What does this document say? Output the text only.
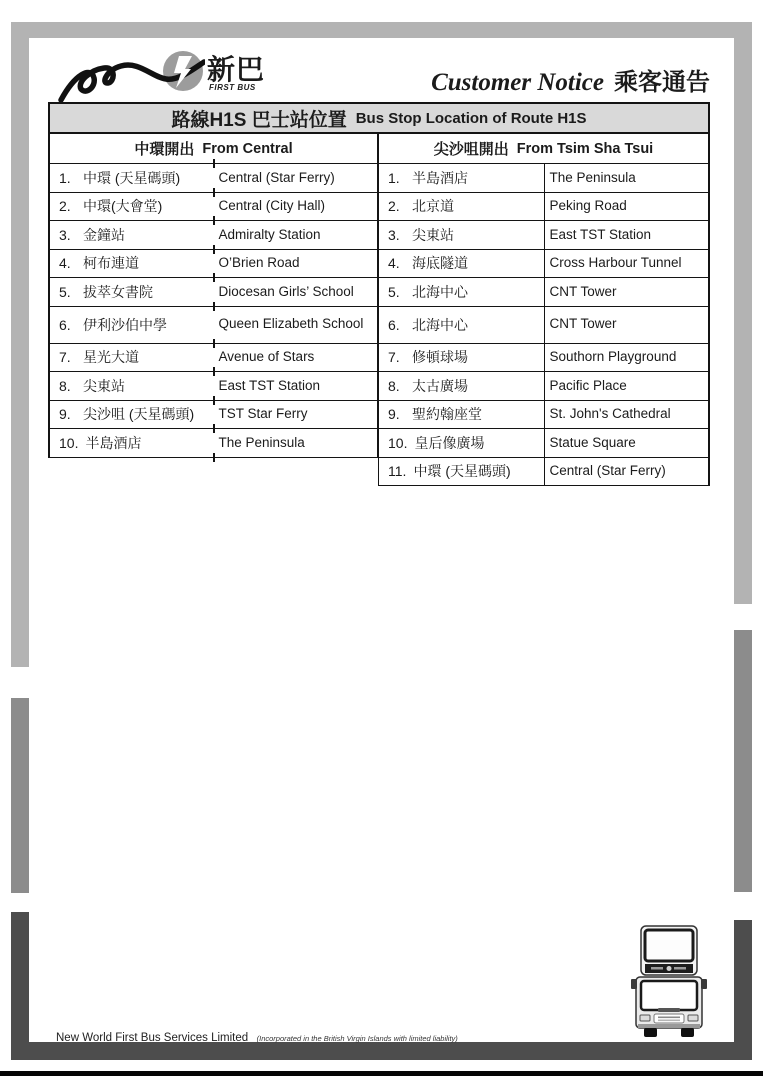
新巴
FIRST BUS	Customer Notice 乘客通告
路線H1S 巴士站位置 Bus Stop Location of Route H1S
中環開出 From Central
1. 中環 (天星碼頭)	Central (Star Ferry)
2. 中環(大會堂)	Central (City Hall)
3. 金鐘站	Admiralty Station
4. 柯布連道	O’Brien Road
5. 拔萃女書院	Diocesan Girls’ School
6. 伊利沙伯中學	Queen Elizabeth School
7. 星光大道	Avenue of Stars
8. 尖東站	East TST Station
9. 尖沙咀 (天星碼頭) TST Star Ferry
10. 半島酒店	The Peninsula
尖沙咀開出 From Tsim Sha Tsui
1. 半島酒店	The Peninsula
2. 北京道	Peking Road
3. 尖東站	East TST Station
4. 海底隧道	Cross Harbour Tunnel
5. 北海中心	CNT Tower
6. 北海中心	CNT Tower
7. 修頓球場	Southorn Playground
8. 太古廣場	Pacific Place
9. 聖約翰座堂	St. John's Cathedral
10. 皇后像廣場	Statue Square
11. 中環 (天星碼頭)	Central (Star Ferry)
New World First Bus Services Limited (Incorporated in the British Virgin Islands with limited liability)
